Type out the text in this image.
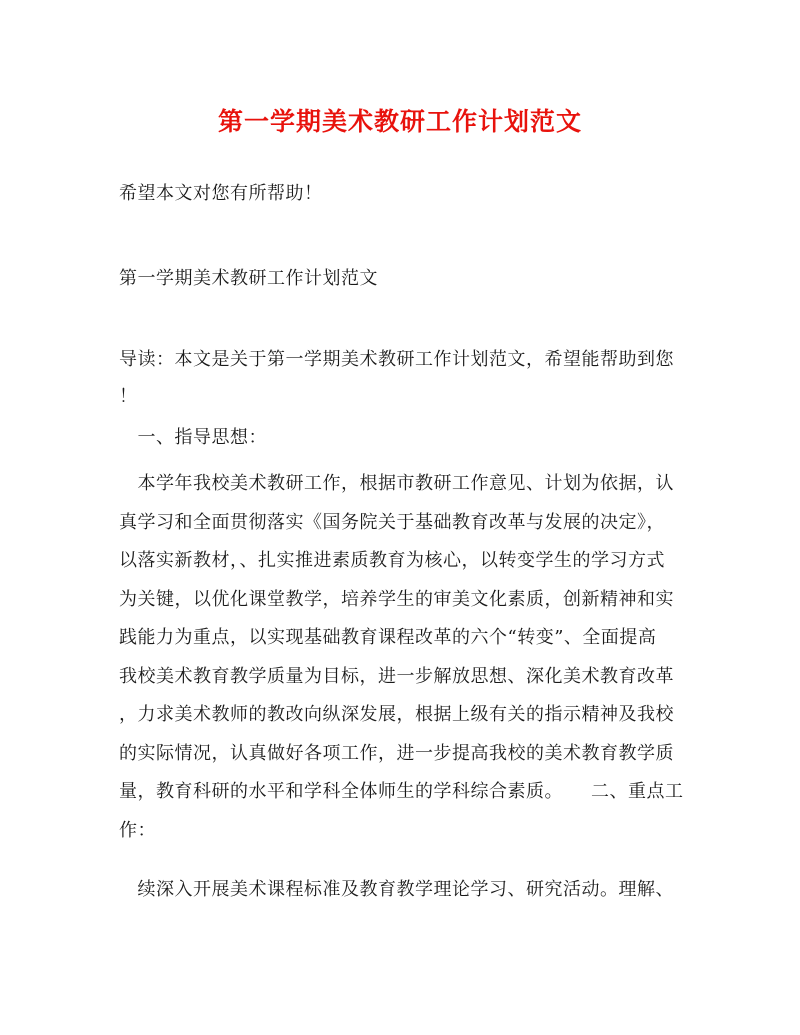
第一学期美术教研工作计划范文
希望本文对您有所帮助！
第一学期美术教研工作计划范文
导读：本文是关于第一学期美术教研工作计划范文，希望能帮助到您
！
　一、指导思想：
　本学年我校美术教研工作，根据市教研工作意见、计划为依据，认
真学习和全面贯彻落实《国务院关于基础教育改革与发展的决定》，
以落实新教材，、扎实推进素质教育为核心，以转变学生的学习方式
为关键，以优化课堂教学，培养学生的审美文化素质，创新精神和实
践能力为重点，以实现基础教育课程改革的六个“转变”、全面提高
我校美术教育教学质量为目标，进一步解放思想、深化美术教育改革
，力求美术教师的教改向纵深发展，根据上级有关的指示精神及我校
的实际情况，认真做好各项工作，进一步提高我校的美术教育教学质
量，教育科研的水平和学科全体师生的学科综合素质。　　二、重点工
作：
　续深入开展美术课程标准及教育教学理论学习、研究活动。理解、
